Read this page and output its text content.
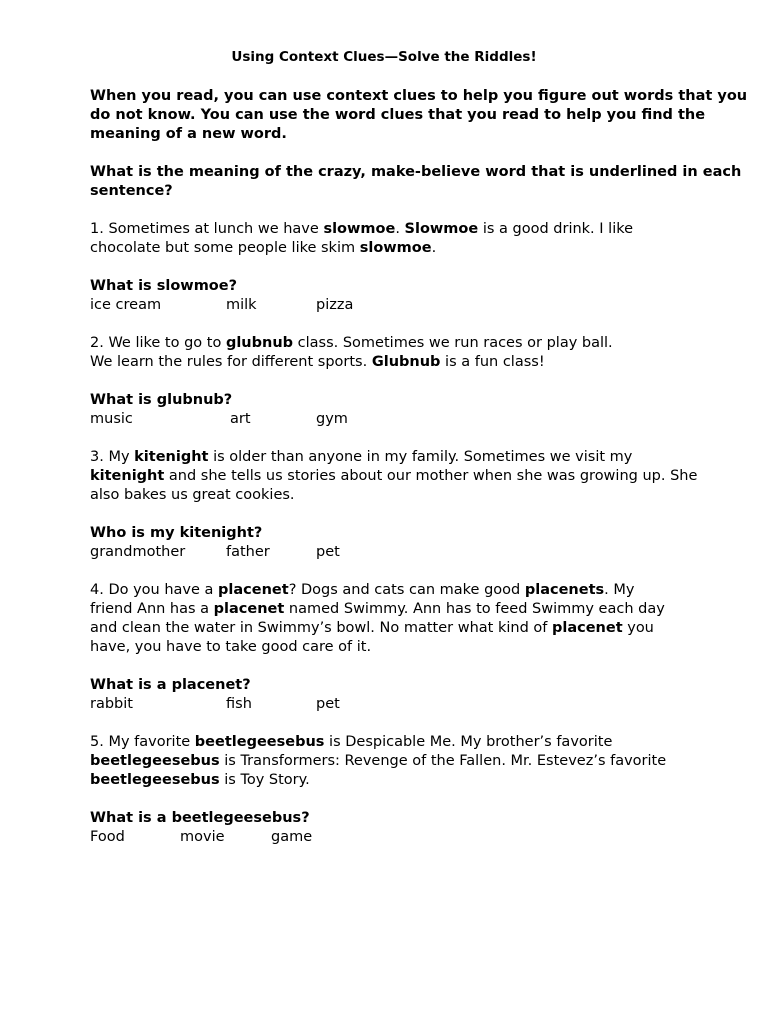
Using Context Clues—Solve the Riddles!
When you read, you can use context clues to help you figure out words that you
do not know. You can use the word clues that you read to help you find the
meaning of a new word.
What is the meaning of the crazy, make-believe word that is underlined in each
sentence?
1. Sometimes at lunch we have slowmoe. Slowmoe is a good drink. I like
chocolate but some people like skim slowmoe.
What is slowmoe?
ice cream	milk	pizza
2. We like to go to glubnub class. Sometimes we run races or play ball.
We learn the rules for different sports. Glubnub is a fun class!
What is glubnub?
music	art	gym
3. My kitenight is older than anyone in my family. Sometimes we visit my
kitenight and she tells us stories about our mother when she was growing up. She
also bakes us great cookies.
Who is my kitenight?
grandmother	father	pet
4. Do you have a placenet? Dogs and cats can make good placenets. My
friend Ann has a placenet named Swimmy. Ann has to feed Swimmy each day
and clean the water in Swimmy’s bowl. No matter what kind of placenet you
have, you have to take good care of it.
What is a placenet?
rabbit	fish	pet
5. My favorite beetlegeesebus is Despicable Me. My brother’s favorite
beetlegeesebus is Transformers: Revenge of the Fallen. Mr. Estevez’s favorite
beetlegeesebus is Toy Story.
What is a beetlegeesebus?
Food	movie	game
